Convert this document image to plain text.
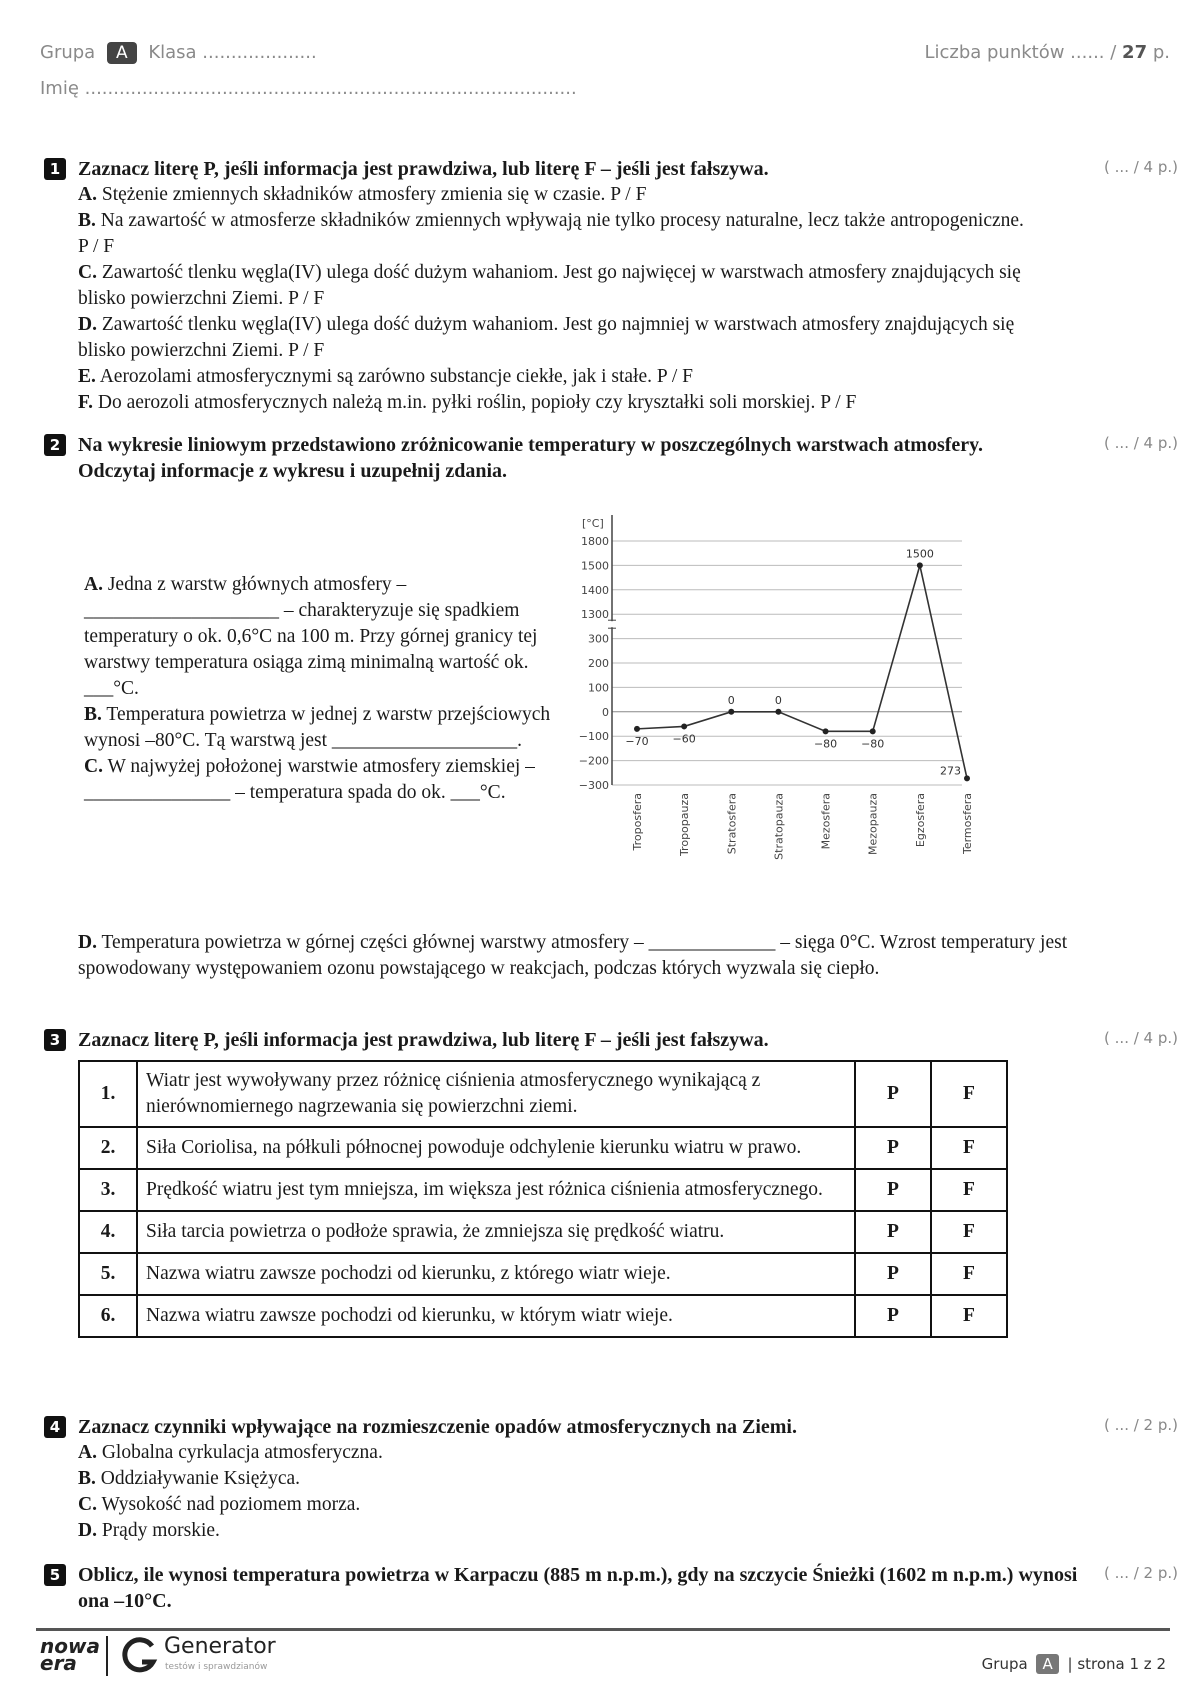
Grupa A Klasa ....................
Imię ......................................................................................
Liczba punktów ...... / 27 p.
1 Zaznacz literę P, jeśli informacja jest prawdziwa, lub literę F – jeśli jest fałszywa.	( ... / 4 p.)

A. Stężenie zmiennych składników atmosfery zmienia się w czasie. P / F

B. Na zawartość w atmosferze składników zmiennych wpływają nie tylko procesy naturalne, lecz także antropogeniczne. P / F

C. Zawartość tlenku węgla(IV) ulega dość dużym wahaniom. Jest go najwięcej w warstwach atmosfery znajdujących się blisko powierzchni Ziemi. P / F

D. Zawartość tlenku węgla(IV) ulega dość dużym wahaniom. Jest go najmniej w warstwach atmosfery znajdujących się blisko powierzchni Ziemi. P / F

E. Aerozolami atmosferycznymi są zarówno substancje ciekłe, jak i stałe. P / F

F. Do aerozoli atmosferycznych należą m.in. pyłki roślin, popioły czy kryształki soli morskiej. P / F

2 Na wykresie liniowym przedstawiono zróżnicowanie temperatury w poszczególnych warstwach atmosfery. Odczytaj informacje z wykresu i uzupełnij zdania.
( ... / 4 p.)

A. Jedna z warstw głównych atmosfery – ____________________ – charakteryzuje się spadkiem temperatury o ok. 0,6°C na 100 m. Przy górnej granicy tej warstwy temperatura osiąga zimą minimalną wartość ok. ___°C.

B. Temperatura powietrza w jednej z warstw przejściowych wynosi –80°C. Tą warstwą jest ___________________.

C. W najwyżej położonej warstwie atmosfery ziemskiej – _______________ – temperatura spada do ok. ___°C.

1800
1500
1400
1300
300
200
100
0
−100
−200
−300
[°C]
−70
Troposfera
−60
Tropopauza
0
Stratosfera
0
Stratopauza
−80
Mezosfera
−80
Mezopauza
1500
Egzosfera
273
Termosfera
D. Temperatura powietrza w górnej części głównej warstwy atmosfery – _____________ – sięga 0°C. Wzrost temperatury jest spowodowany występowaniem ozonu powstającego w reakcjach, podczas których wyzwala się ciepło.
3 Zaznacz literę P, jeśli informacja jest prawdziwa, lub literę F – jeśli jest fałszywa.	( ... / 4 p.)
1.	Wiatr jest wywoływany przez różnicę ciśnienia atmosferycznego wynikającą z nierównomiernego nagrzewania się powierzchni ziemi.	P	F
2.	Siła Coriolisa, na półkuli północnej powoduje odchylenie kierunku wiatru w prawo.	P	F
3.	Prędkość wiatru jest tym mniejsza, im większa jest różnica ciśnienia atmosferycznego.	P	F
4.	Siła tarcia powietrza o podłoże sprawia, że zmniejsza się prędkość wiatru.	P	F
5.	Nazwa wiatru zawsze pochodzi od kierunku, z którego wiatr wieje.	P	F
6.	Nazwa wiatru zawsze pochodzi od kierunku, w którym wiatr wieje.	P	F
4 Zaznacz czynniki wpływające na rozmieszczenie opadów atmosferycznych na Ziemi.	( ... / 2 p.)

A. Globalna cyrkulacja atmosferyczna.

B. Oddziaływanie Księżyca.

C. Wysokość nad poziomem morza.

D. Prądy morskie.

5 Oblicz, ile wynosi temperatura powietrza w Karpaczu (885 m n.p.m.), gdy na szczycie Śnieżki (1602 m n.p.m.) wynosi ona –10°C.
( ... / 2 p.)
nowa era
Generator
testów i sprawdzianów	Grupa A | strona 1 z 2
